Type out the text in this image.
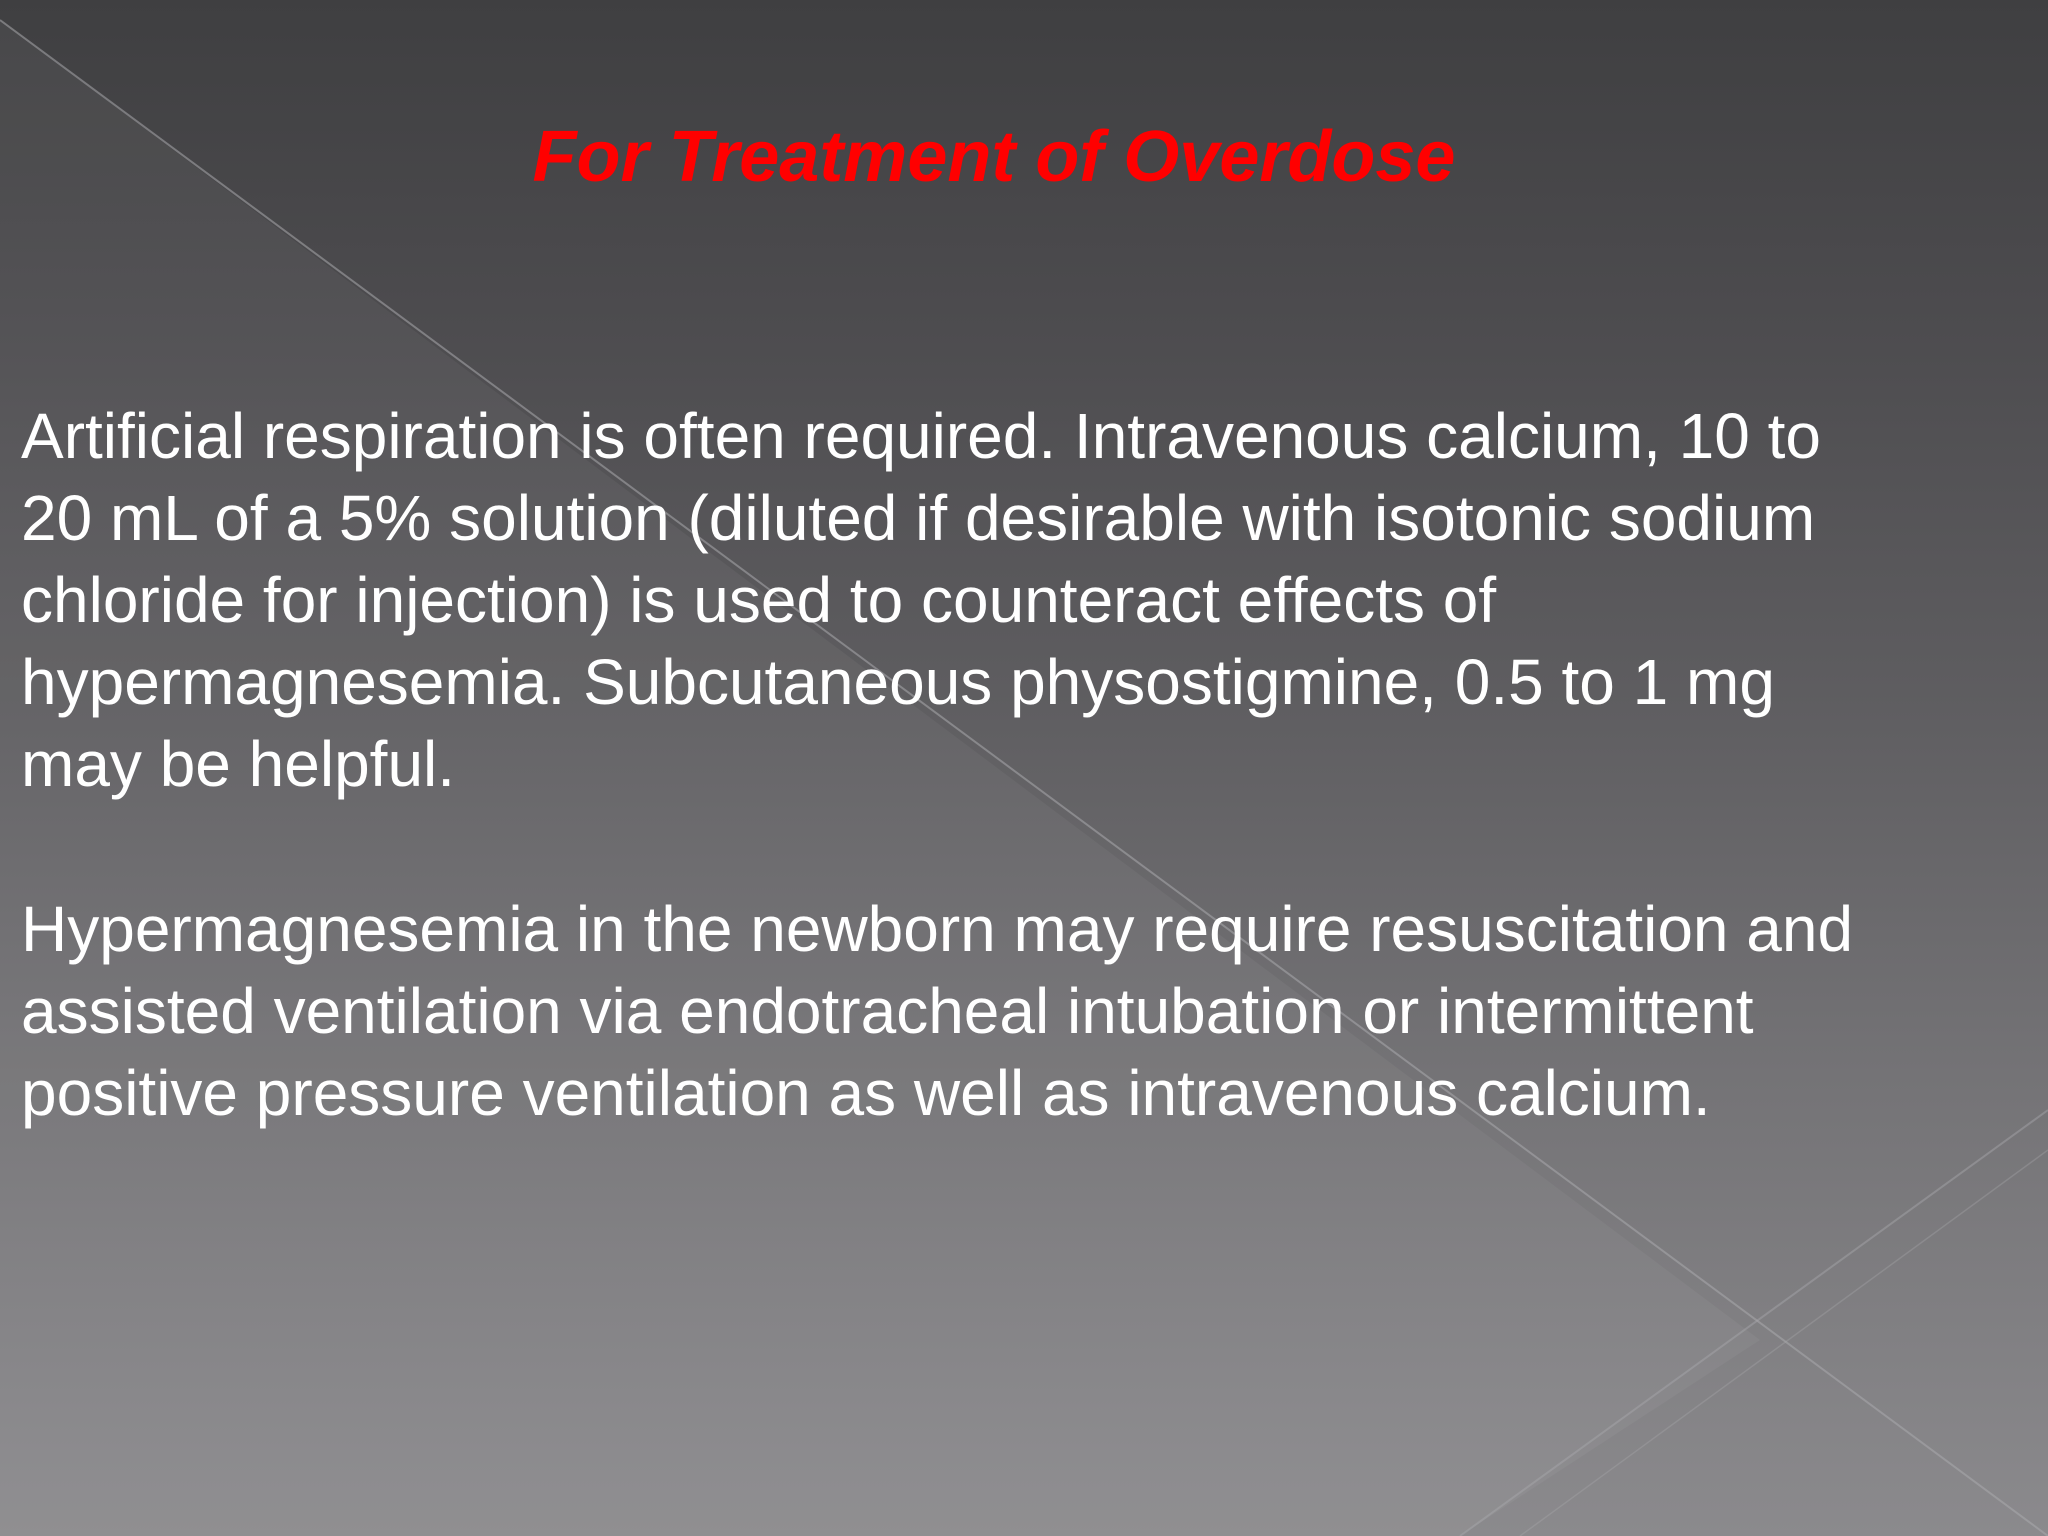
For Treatment of Overdose

Artificial respiration is often required. Intravenous calcium, 10 to
20 mL of a 5% solution (diluted if desirable with isotonic sodium
chloride for injection) is used to counteract effects of
hypermagnesemia. Subcutaneous physostigmine, 0.5 to 1 mg
may be helpful.

Hypermagnesemia in the newborn may require resuscitation and
assisted ventilation via endotracheal intubation or intermittent
positive pressure ventilation as well as intravenous calcium.
